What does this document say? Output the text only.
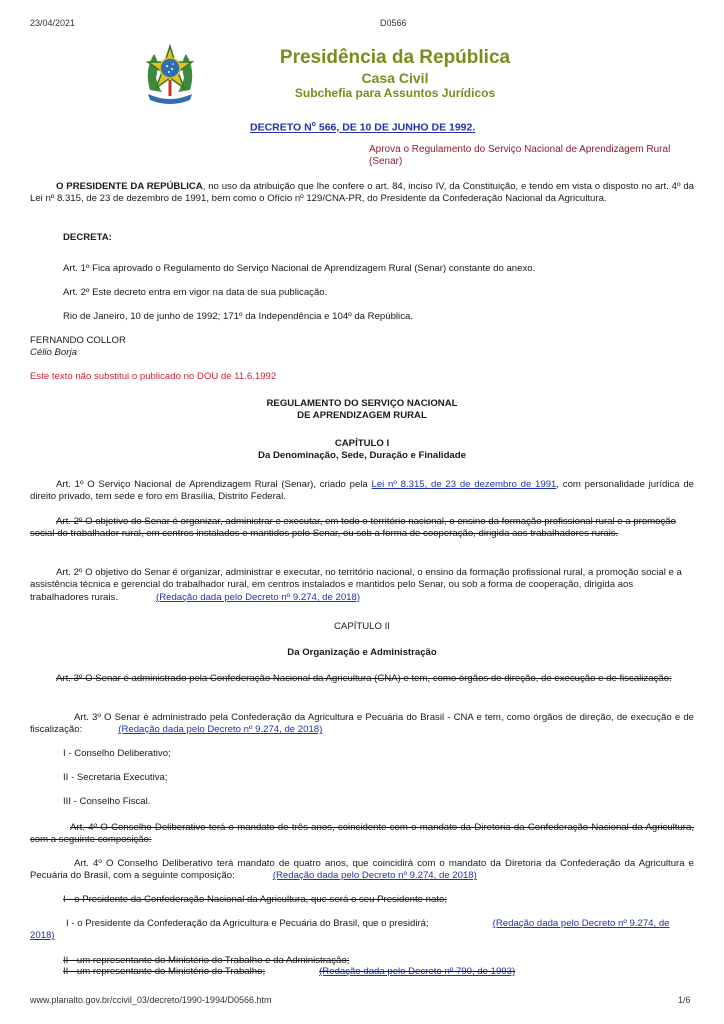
23/04/2021	D0566
Presidência da República
Casa Civil
Subchefia para Assuntos Jurídicos
DECRETO $N^o$ 566, DE 10 DE JUNHO DE 1992.
Aprova o Regulamento do Serviço Nacional de Aprendizagem Rural (Senar)

O PRESIDENTE DA REPÚBLICA, no uso da atribuição que lhe confere o art. 84, inciso IV, da Constituição, e tendo em vista o disposto no art. 4º da Lei nº 8.315, de 23 de dezembro de 1991, bem como o Ofício nº 129/CNA-PR, do Presidente da Confederação Nacional da Agricultura.

DECRETA:
Art. 1º Fica aprovado o Regulamento do Serviço Nacional de Aprendizagem Rural (Senar) constante do anexo.
Art. 2º Este decreto entra em vigor na data de sua publicação.
Rio de Janeiro, 10 de junho de 1992; 171º da Independência e 104º da República.
FERNANDO COLLOR
Célio Borja
Este texto não substitui o publicado no DOU de 11.6.1992
REGULAMENTO DO SERVIÇO NACIONAL
DE APRENDIZAGEM RURAL
CAPÍTULO I
Da Denominação, Sede, Duração e Finalidade

Art. 1º O Serviço Nacional de Aprendizagem Rural (Senar), criado pela Lei nº 8.315, de 23 de dezembro de 1991, com personalidade jurídica de direito privado, tem sede e foro em Brasília, Distrito Federal.

Art. 2º O objetivo do Senar é organizar, administrar e executar, em todo o território nacional, o ensino da formação profissional rural e a promoção social do trabalhador rural, em centros instalados e mantidos pelo Senar, ou sob a forma de cooperação, dirigida aos trabalhadores rurais.

Art. 2º O objetivo do Senar é organizar, administrar e executar, no território nacional, o ensino da formação profissional rural, a promoção social e a assistência técnica e gerencial do trabalhador rural, em centros instalados e mantidos pelo Senar, ou sob a forma de cooperação, dirigida aos trabalhadores rurais.	(Redação dada pelo Decreto nº 9.274, de 2018)

CAPÍTULO II
Da Organização e Administração

Art. 3º O Senar é administrado pela Confederação Nacional da Agricultura (CNA) e tem, como órgãos de direção, de execução e de fiscalização:

Art. 3º O Senar é administrado pela Confederação da Agricultura e Pecuária do Brasil - CNA e tem, como órgãos de direção, de execução e de fiscalização:	(Redação dada pelo Decreto nº 9.274, de 2018)

I - Conselho Deliberativo;
II - Secretaria Executiva;
III - Conselho Fiscal.

Art. 4º O Conselho Deliberativo terá o mandato de três anos, coincidente com o mandato da Diretoria da Confederação Nacional da Agricultura, com a seguinte composição:

Art. 4º O Conselho Deliberativo terá mandato de quatro anos, que coincidirá com o mandato da Diretoria da Confederação da Agricultura e Pecuária do Brasil, com a seguinte composição:	(Redação dada pelo Decreto nº 9.274, de 2018)

I - o Presidente da Confederação Nacional da Agricultura, que será o seu Presidente nato;

I - o Presidente da Confederação da Agricultura e Pecuária do Brasil, que o presidirá;	(Redação dada pelo Decreto nº 9.274, de 2018)

II - um representante do Ministério do Trabalho e da Administração;
II - um representante do Ministério do Trabalho;	(Redação dada pelo Decreto nº 790, de 1993)
www.planalto.gov.br/ccivil_03/decreto/1990-1994/D0566.htm	1/6
